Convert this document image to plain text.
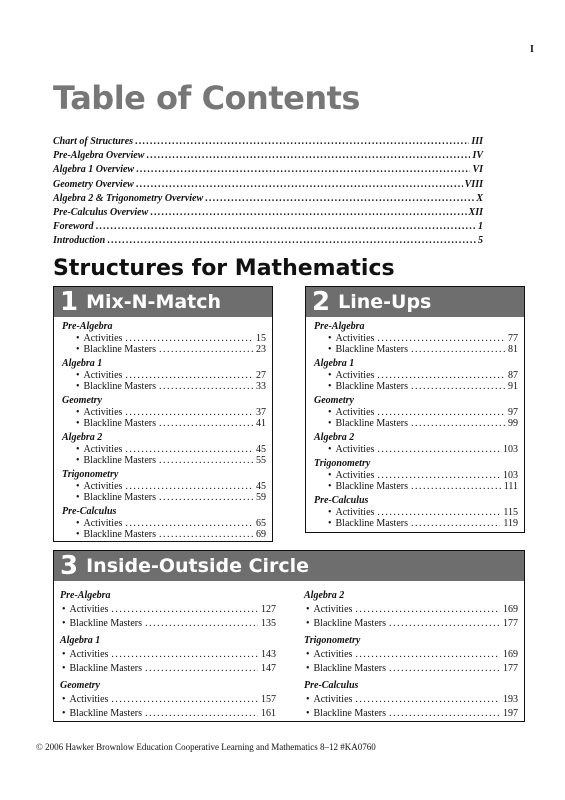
I
Table of Contents
Chart of Structures .....	III
Pre-Algebra Overview .....	IV
Algebra 1 Overview .....	VI
Geometry Overview .....	VIII
Algebra 2 & Trigonometry Overview .....	X
Pre-Calculus Overview .....	XII
Foreword .....	1
Introduction .....	5
Structures for Mathematics
1 Mix-N-Match
Pre-Algebra
• Activities .....	15
• Blackline Masters .....	23
Algebra 1
• Activities .....	27
• Blackline Masters .....	33
Geometry
• Activities .....	37
• Blackline Masters .....	41
Algebra 2
• Activities .....	45
• Blackline Masters .....	55
Trigonometry
• Activities .....	45
• Blackline Masters .....	59
Pre-Calculus
• Activities .....	65
• Blackline Masters .....	69
2 Line-Ups
Pre-Algebra
• Activities .....	77
• Blackline Masters .....	81
Algebra 1
• Activities .....	87
• Blackline Masters .....	91
Geometry
• Activities .....	97
• Blackline Masters .....	99
Algebra 2
• Activities .....	103
Trigonometry
• Activities .....	103
• Blackline Masters .....	111
Pre-Calculus
• Activities .....	115
• Blackline Masters .....	119
3 Inside-Outside Circle
Pre-Algebra
• Activities .....	127
• Blackline Masters .....	135
Algebra 1
• Activities .....	143
• Blackline Masters .....	147
Geometry
• Activities .....	157
• Blackline Masters .....	161
Algebra 2
• Activities .....	169
• Blackline Masters .....	177
Trigonometry
• Activities .....	169
• Blackline Masters .....	177
Pre-Calculus
• Activities .....	193
• Blackline Masters .....	197
© 2006 Hawker Brownlow Education Cooperative Learning and Mathematics 8–12 #KA0760
